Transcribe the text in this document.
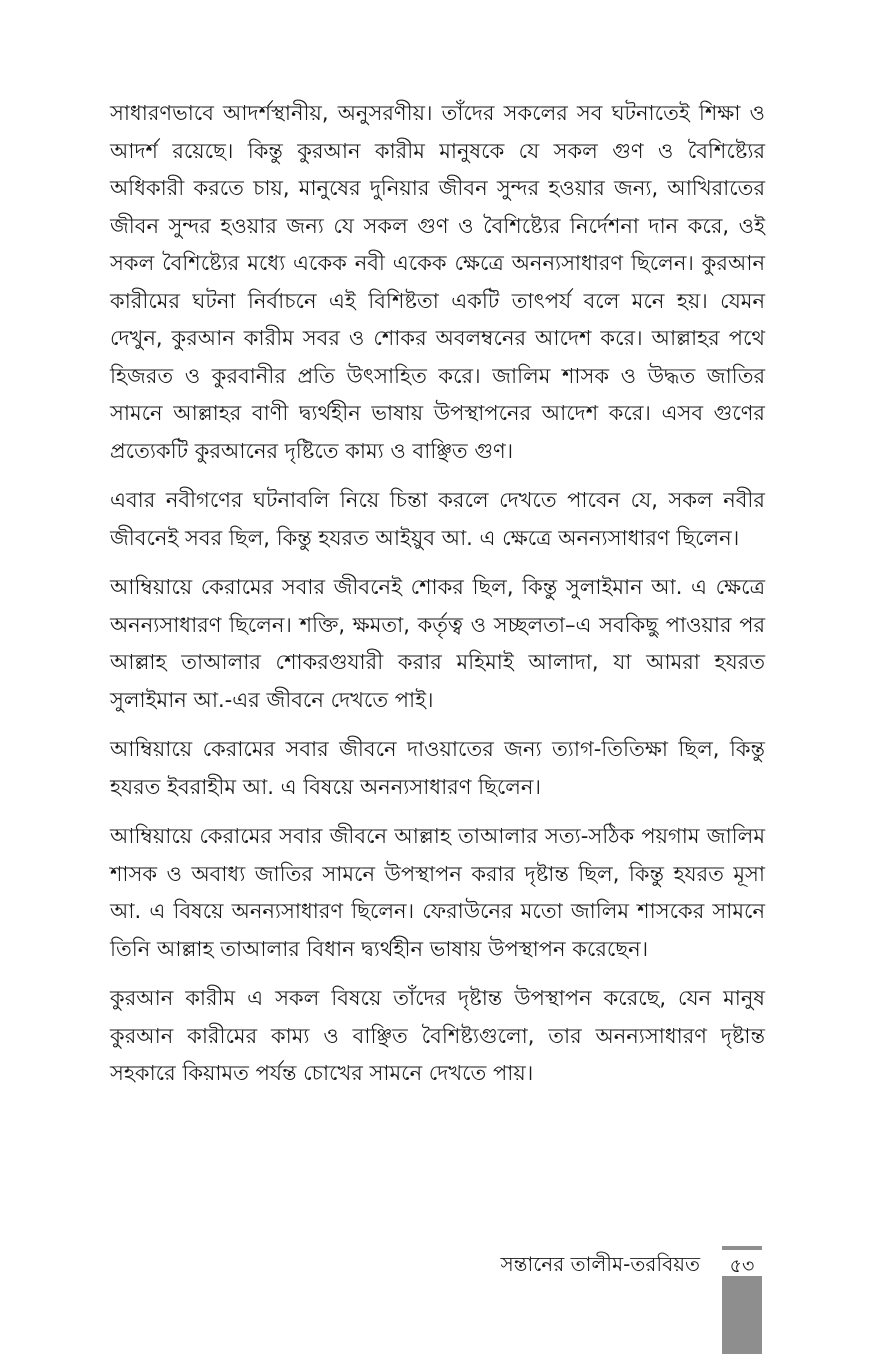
সাধারণভাবে আদর্শস্থানীয়, অনুসরণীয়। তাঁদের সকলের সব ঘটনাতেই শিক্ষা ও আদর্শ রয়েছে। কিন্তু কুরআন কারীম মানুষকে যে সকল গুণ ও বৈশিষ্ট্যের অধিকারী করতে চায়, মানুষের দুনিয়ার জীবন সুন্দর হওয়ার জন্য, আখিরাতের জীবন সুন্দর হওয়ার জন্য যে সকল গুণ ও বৈশিষ্ট্যের নির্দেশনা দান করে, ওই সকল বৈশিষ্ট্যের মধ্যে একেক নবী একেক ক্ষেত্রে অনন্যসাধারণ ছিলেন। কুরআন কারীমের ঘটনা নির্বাচনে এই বিশিষ্টতা একটি তাৎপর্য বলে মনে হয়। যেমন দেখুন, কুরআন কারীম সবর ও শোকর অবলম্বনের আদেশ করে। আল্লাহর পথে হিজরত ও কুরবানীর প্রতি উৎসাহিত করে। জালিম শাসক ও উদ্ধত জাতির সামনে আল্লাহর বাণী দ্ব্যর্থহীন ভাষায় উপস্থাপনের আদেশ করে। এসব গুণের প্রত্যেকটি কুরআনের দৃষ্টিতে কাম্য ও বাঞ্ছিত গুণ।

এবার নবীগণের ঘটনাবলি নিয়ে চিন্তা করলে দেখতে পাবেন যে, সকল নবীর জীবনেই সবর ছিল, কিন্তু হযরত আইয়ুব আ. এ ক্ষেত্রে অনন্যসাধারণ ছিলেন।

আম্বিয়ায়ে কেরামের সবার জীবনেই শোকর ছিল, কিন্তু সুলাইমান আ. এ ক্ষেত্রে অনন্যসাধারণ ছিলেন। শক্তি, ক্ষমতা, কর্তৃত্ব ও সচ্ছলতা–এ সবকিছু পাওয়ার পর আল্লাহ তাআলার শোকরগুযারী করার মহিমাই আলাদা, যা আমরা হযরত সুলাইমান আ.-এর জীবনে দেখতে পাই।

আম্বিয়ায়ে কেরামের সবার জীবনে দাওয়াতের জন্য ত্যাগ-তিতিক্ষা ছিল, কিন্তু হযরত ইবরাহীম আ. এ বিষয়ে অনন্যসাধারণ ছিলেন।

আম্বিয়ায়ে কেরামের সবার জীবনে আল্লাহ তাআলার সত্য-সঠিক পয়গাম জালিম শাসক ও অবাধ্য জাতির সামনে উপস্থাপন করার দৃষ্টান্ত ছিল, কিন্তু হযরত মূসা আ. এ বিষয়ে অনন্যসাধারণ ছিলেন। ফেরাউনের মতো জালিম শাসকের সামনে তিনি আল্লাহ তাআলার বিধান দ্ব্যর্থহীন ভাষায় উপস্থাপন করেছেন।

কুরআন কারীম এ সকল বিষয়ে তাঁদের দৃষ্টান্ত উপস্থাপন করেছে, যেন মানুষ কুরআন কারীমের কাম্য ও বাঞ্ছিত বৈশিষ্ট্যগুলো, তার অনন্যসাধারণ দৃষ্টান্ত সহকারে কিয়ামত পর্যন্ত চোখের সামনে দেখতে পায়।

সন্তানের তালীম-তরবিয়ত	৫৩
